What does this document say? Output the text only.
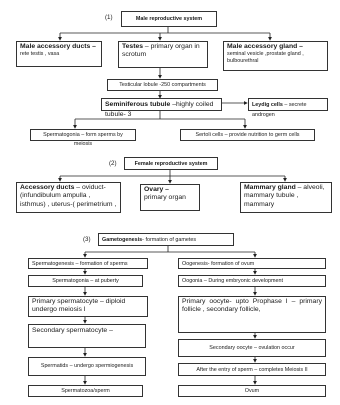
(1)	Male reproductive system
Male accessory ducts –
rete testis , vasa
Testes – primary organ in scrotum
Male accessory gland –
seminal vesicle ,prostate gland , bulbourethral
Testicular lobule -250 compartments
Seminiferous tubule –highly coiled tubule- 3
Leydig cells – secrete androgen
Spermatogonia – form sperms by meiosis
Sertoli cells – provide nutrition to germ cells
(2)	Female reproductive system
Accessory ducts – oviduct-(infundibulum ampulla , isthmus) , uterus-( perimetrium ,
Ovary –
primary organ
Mammary gland – alveoli, mammary tubule , mammary
(3)	Gametogenesis- formation of gametes
Spermatogenesis – formation of sperms
Spermatogonia – at puberty
Primary spermatocyte – diploid undergo meiosis I
Secondary spermatocyte –
Spermatids – undergo spermiogenesis
Spermatozoa/sperm
Oogenesis- formation of ovum
Oogonia – During embryonic development
Primary oocyte- upto Prophase I – primary follicle , secondary follicle,
Secondary oocyte – ovulation occur
After the entry of sperm – completes Meiosis II
Ovum
